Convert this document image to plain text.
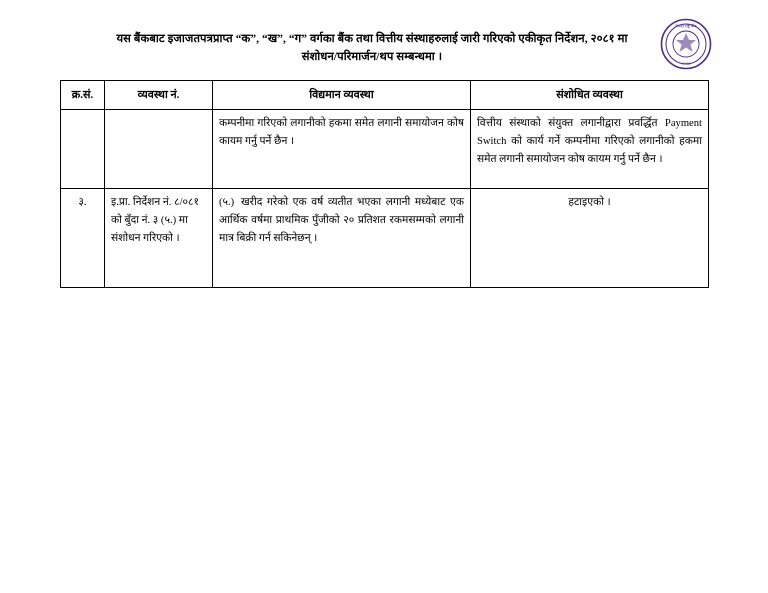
नेपाल राष्ट्र बैंक
२०१३
यस बैंकबाट इजाजतपत्रप्राप्त “क”, “ख”, “ग” वर्गका बैंक तथा वित्तीय संस्थाहरुलाई जारी गरिएको एकीकृत निर्देशन, २०८१ मा
संशोधन/परिमार्जन/थप सम्बन्धमा ।
क्र.सं.	व्यवस्था नं.	विद्यमान व्यवस्था	संशोधित व्यवस्था
		कम्पनीमा गरिएको लगानीको हकमा समेत लगानी समायोजन कोष कायम गर्नु पर्ने छैन ।	वित्तीय संस्थाको संयुक्त लगानीद्वारा प्रवर्द्धित Payment Switch को कार्य गर्ने कम्पनीमा गरिएको लगानीको हकमा समेत लगानी समायोजन कोष कायम गर्नु पर्ने छैन ।
३.	इ.प्रा. निर्देशन नं. ८/०८१ को बुँदा नं. ३ (५.) मा संशोधन गरिएको ।	(५.) खरीद गरेको एक वर्ष व्यतीत भएका लगानी मध्येबाट एक आर्थिक वर्षमा प्राथमिक पुँजीको २० प्रतिशत रकमसम्मको लगानी मात्र बिक्री गर्न सकिनेछन् ।	हटाइएको ।
